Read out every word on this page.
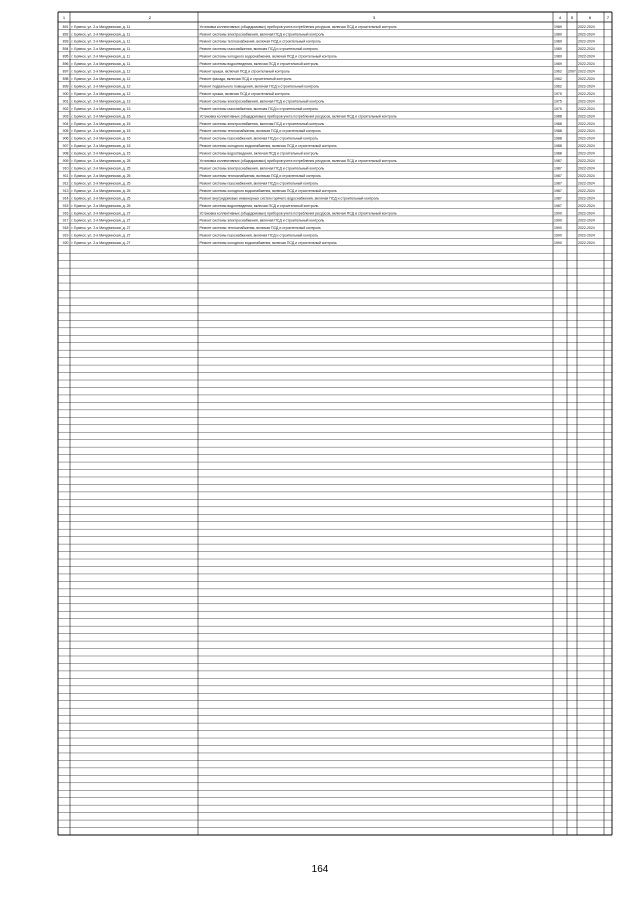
1	2	3	4 5	6	7
891 г. Брянск, ул. 2-я Мичуринская, д. 11	Установка коллективных (общедомовых) приборов учета потребления ресурсов, включая ПСД и строительный контроль	1989	2022-2024
892 г. Брянск, ул. 2-я Мичуринская, д. 11	Ремонт системы электроснабжения, включая ПСД и строительный контроль	1989	2022-2024
893 г. Брянск, ул. 2-я Мичуринская, д. 11	Ремонт системы теплоснабжения, включая ПСД и строительный контроль	1989	2022-2024
894 г. Брянск, ул. 2-я Мичуринская, д. 11	Ремонт системы газоснабжения, включая ПСД и строительный контроль	1989	2022-2024
895 г. Брянск, ул. 2-я Мичуринская, д. 11	Ремонт системы холодного водоснабжения, включая ПСД и строительный контроль	1989	2022-2024
896 г. Брянск, ул. 2-я Мичуринская, д. 11	Ремонт системы водоотведения, включая ПСД и строительный контроль	1989	2022-2024
897 г. Брянск, ул. 2-я Мичуринская, д. 12	Ремонт крыши, включая ПСД и строительный контроль	1962 2007 2022-2024
898 г. Брянск, ул. 2-я Мичуринская, д. 12	Ремонт фасада, включая ПСД и строительный контроль	1962	2022-2024
899 г. Брянск, ул. 2-я Мичуринская, д. 12	Ремонт подвального помещения, включая ПСД и строительный контроль	1962	2022-2024
900 г. Брянск, ул. 2-я Мичуринская, д. 12	Ремонт крыши, включая ПСД и строительный контроль	1975	2022-2024
901 г. Брянск, ул. 2-я Мичуринская, д. 13	Ремонт системы электроснабжения, включая ПСД и строительный контроль	1975	2022-2024
902 г. Брянск, ул. 2-я Мичуринская, д. 13	Ремонт системы газоснабжения, включая ПСД и строительный контроль	1975	2022-2024
903 г. Брянск, ул. 2-я Мичуринская, д. 15	Установка коллективных (общедомовых) приборов учета потребления ресурсов, включая ПСД и строительный контроль	1988	2022-2024
904 г. Брянск, ул. 2-я Мичуринская, д. 15	Ремонт системы электроснабжения, включая ПСД и строительный контроль	1988	2022-2024
905 г. Брянск, ул. 2-я Мичуринская, д. 15	Ремонт системы теплоснабжения, включая ПСД и строительный контроль	1988	2022-2024
906 г. Брянск, ул. 2-я Мичуринская, д. 15	Ремонт системы газоснабжения, включая ПСД и строительный контроль	1988	2022-2024
907 г. Брянск, ул. 2-я Мичуринская, д. 15	Ремонт системы холодного водоснабжения, включая ПСД и строительный контроль	1988	2022-2024
908 г. Брянск, ул. 2-я Мичуринская, д. 15	Ремонт системы водоотведения, включая ПСД и строительный контроль	1988	2022-2024
909 г. Брянск, ул. 2-я Мичуринская, д. 25	Установка коллективных (общедомовых) приборов учета потребления ресурсов, включая ПСД и строительный контроль	1987	2022-2024
910 г. Брянск, ул. 2-я Мичуринская, д. 25	Ремонт системы электроснабжения, включая ПСД и строительный контроль	1987	2022-2024
911 г. Брянск, ул. 2-я Мичуринская, д. 25	Ремонт системы теплоснабжения, включая ПСД и строительный контроль	1987	2022-2024
912 г. Брянск, ул. 2-я Мичуринская, д. 25	Ремонт системы газоснабжения, включая ПСД и строительный контроль	1987	2022-2024
913 г. Брянск, ул. 2-я Мичуринская, д. 25	Ремонт системы холодного водоснабжения, включая ПСД и строительный контроль	1987	2022-2024
914 г. Брянск, ул. 2-я Мичуринская, д. 25	Ремонт внутридомовых инженерных систем горячего водоснабжения, включая ПСД и строительный контроль	1987	2022-2024
915 г. Брянск, ул. 2-я Мичуринская, д. 25	Ремонт системы водоотведения, включая ПСД и строительный контроль	1987	2022-2024
916 г. Брянск, ул. 2-я Мичуринская, д. 27	Установка коллективных (общедомовых) приборов учета потребления ресурсов, включая ПСД и строительный контроль	1990	2022-2024
917 г. Брянск, ул. 2-я Мичуринская, д. 27	Ремонт системы электроснабжения, включая ПСД и строительный контроль	1990	2022-2024
918 г. Брянск, ул. 2-я Мичуринская, д. 27	Ремонт системы теплоснабжения, включая ПСД и строительный контроль	1990	2022-2024
919 г. Брянск, ул. 2-я Мичуринская, д. 27	Ремонт системы газоснабжения, включая ПСД и строительный контроль	1990	2022-2024
920 г. Брянск, ул. 2-я Мичуринская, д. 27	Ремонт системы холодного водоснабжения, включая ПСД и строительный контроль	1990	2022-2024
164
